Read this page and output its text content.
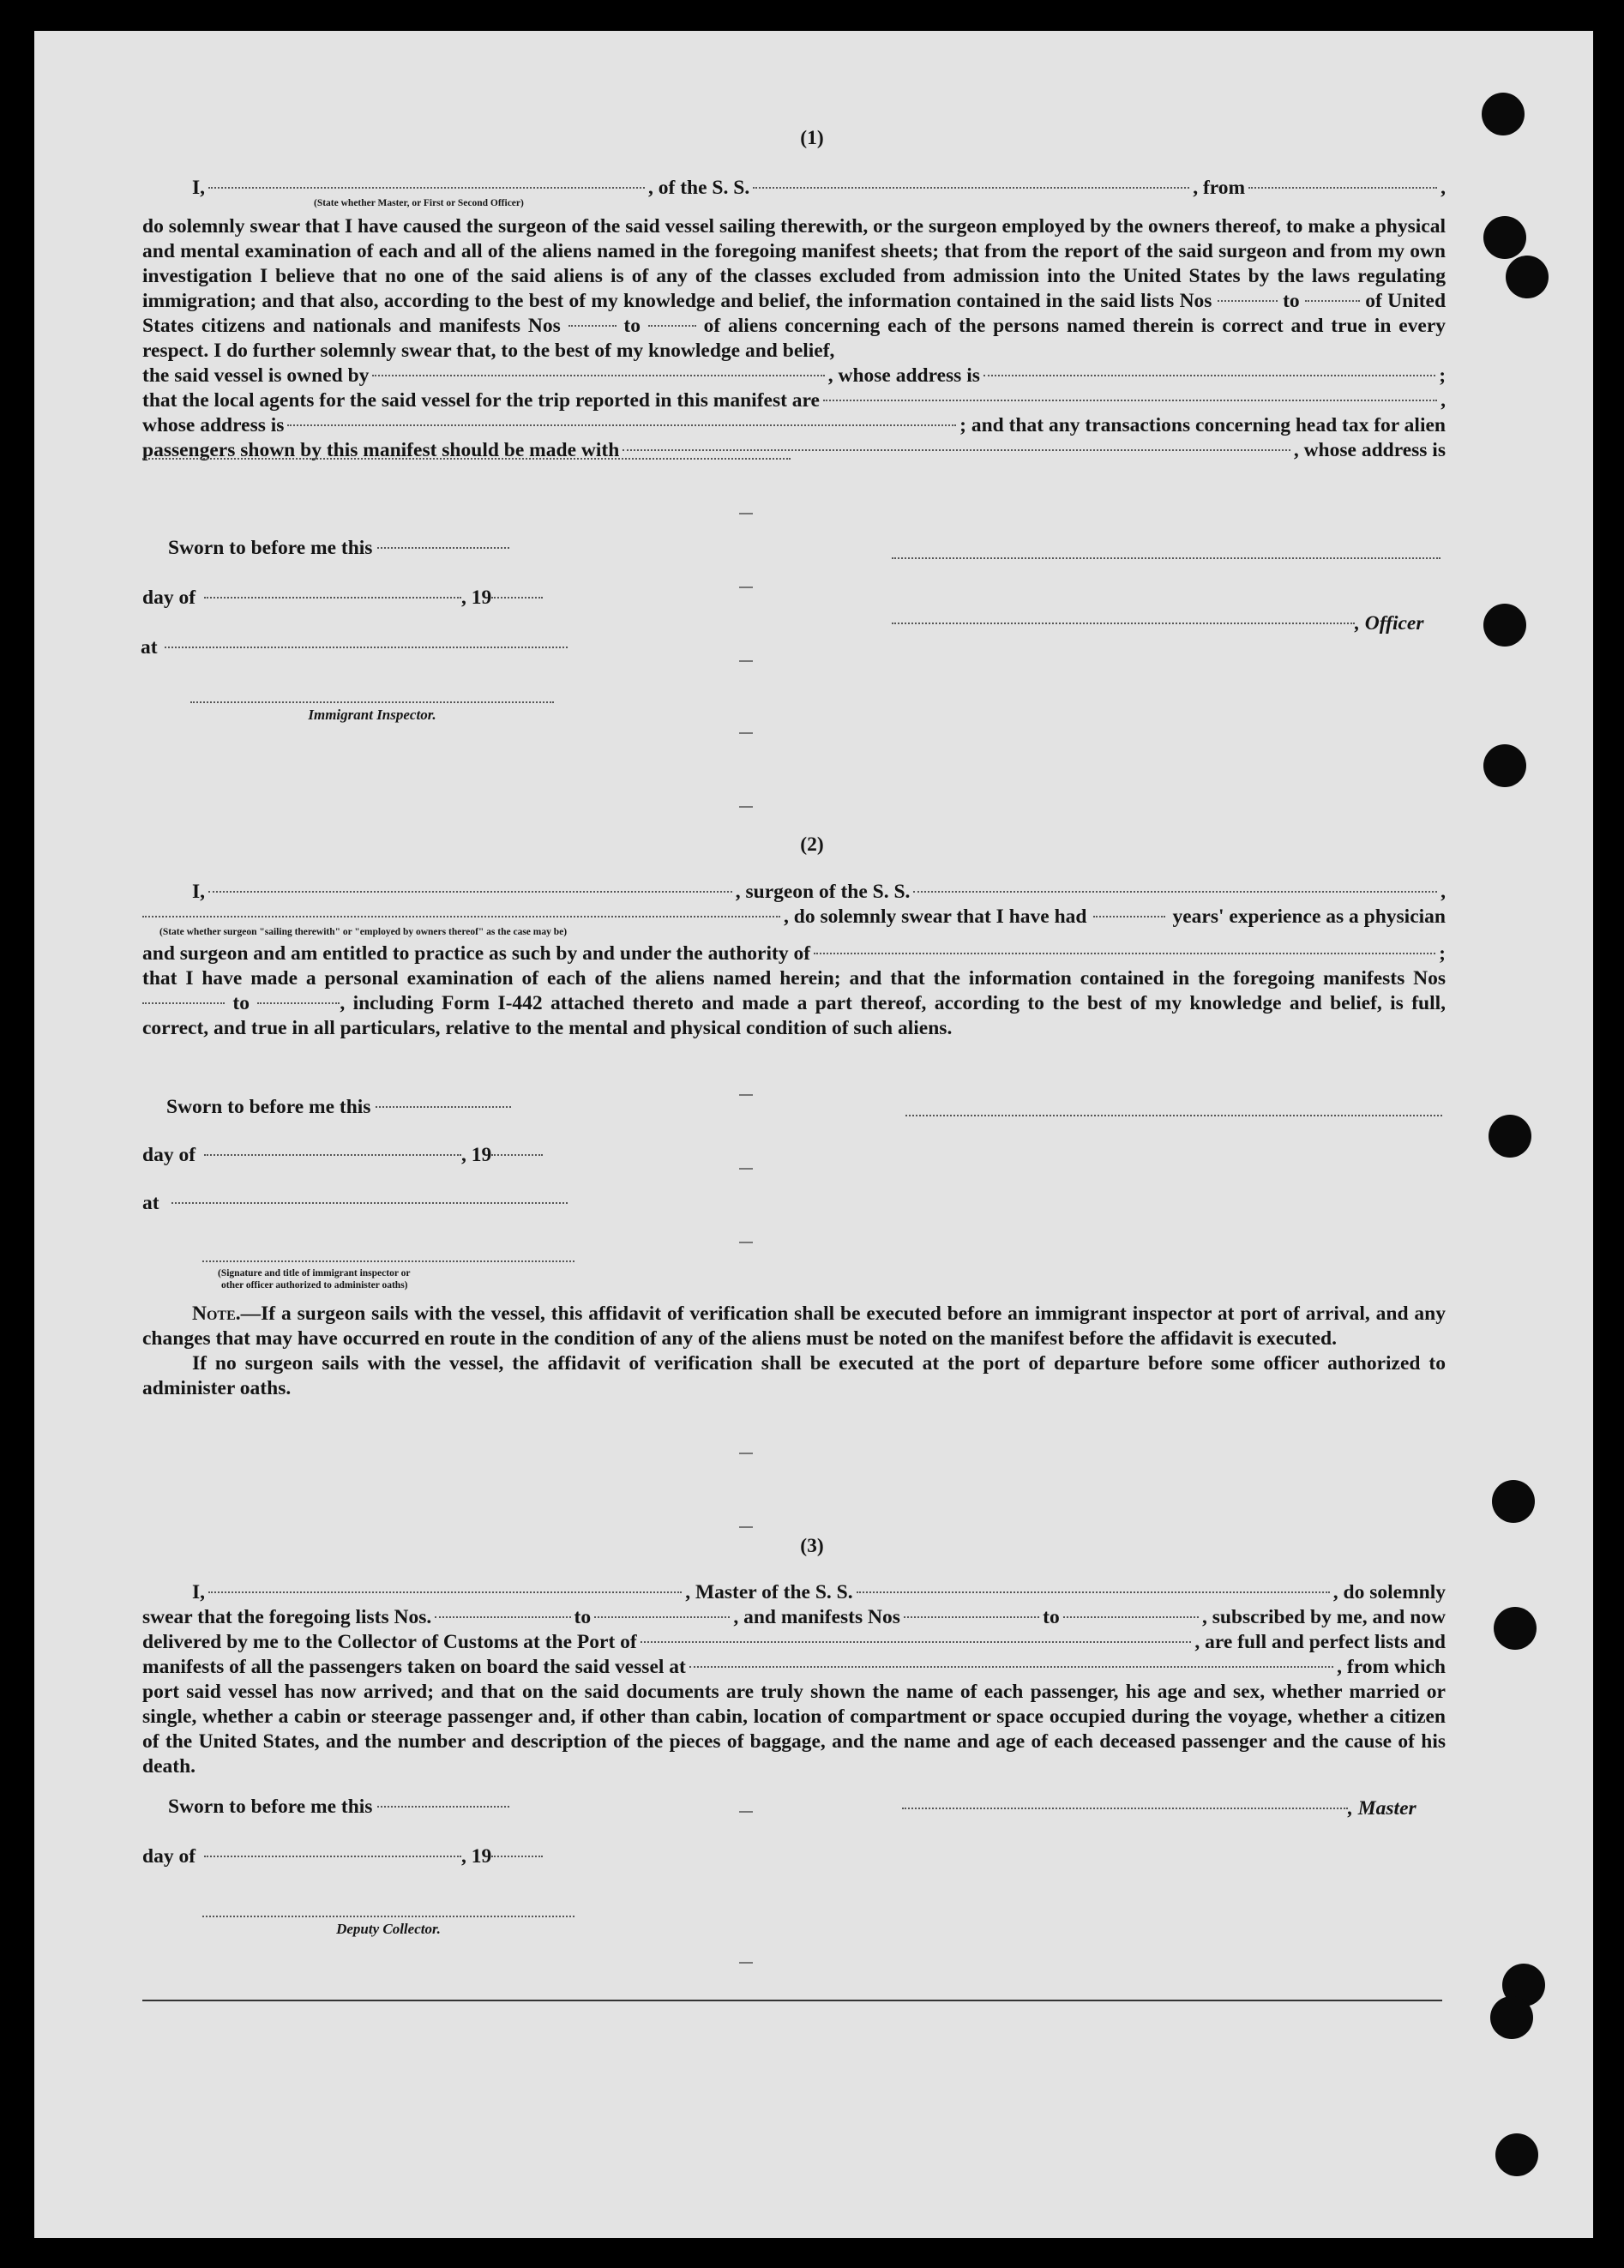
(1)
I,	, of the S. S.	, from	,
(State whether Master, or First or Second Officer)
do solemnly swear that I have caused the surgeon of the said vessel sailing therewith, or the surgeon employed by the owners thereof, to make a physical and mental examination of each and all of the aliens named in the foregoing manifest sheets; that from the report of the said surgeon and from my own investigation I believe that no one of the said aliens is of any of the classes excluded from admission into the United States by the laws regulating immigration; and that also, according to the best of my knowledge and belief, the information contained in the said lists Nos	to	of United States citizens and nationals and manifests Nos	to	of aliens concerning each of the persons named therein is correct and true in every respect. I do further solemnly swear that, to the best of my knowledge and belief,
the said vessel is owned by	, whose address is	;
that the local agents for the said vessel for the trip reported in this manifest are	,
whose address is	; and that any transactions concerning head tax for alien
passengers shown by this manifest should be made with	, whose address is
Sworn to before me this
day of	, 19
, Officer
at
Immigrant Inspector.
(2)
I,	, surgeon of the S. S.	,
, do solemnly swear that I have had	years' experience as a physician
(State whether surgeon "sailing therewith" or "employed by owners thereof" as the case may be)
and surgeon and am entitled to practice as such by and under the authority of	;
that I have made a personal examination of each of the aliens named herein; and that the information contained in the foregoing manifests Nos  to	, including Form I-442 attached thereto and made a part thereof, according to the best of my knowledge and belief, is full, correct, and true in all particulars, relative to the mental and physical condition of such aliens.
Sworn to before me this
day of	, 19
at
(Signature and title of immigrant inspector or
other officer authorized to administer oaths)
Note.—If a surgeon sails with the vessel, this affidavit of verification shall be executed before an immigrant inspector at port of arrival, and any changes that may have occurred en route in the condition of any of the aliens must be noted on the manifest before the affidavit is executed.
If no surgeon sails with the vessel, the affidavit of verification shall be executed at the port of departure before some officer authorized to administer oaths.
(3)
I,	, Master of the S. S.	, do solemnly
swear that the foregoing lists Nos.	to	, and manifests Nos	to	, subscribed by me, and now
delivered by me to the Collector of Customs at the Port of	, are full and perfect lists and
manifests of all the passengers taken on board the said vessel at	, from which
port said vessel has now arrived; and that on the said documents are truly shown the name of each passenger, his age and sex, whether married or single, whether a cabin or steerage passenger and, if other than cabin, location of compartment or space occupied during the voyage, whether a citizen of the United States, and the number and description of the pieces of baggage, and the name and age of each deceased passenger and the cause of his death.
Sworn to before me this	, Master
day of	, 19
Deputy Collector.
